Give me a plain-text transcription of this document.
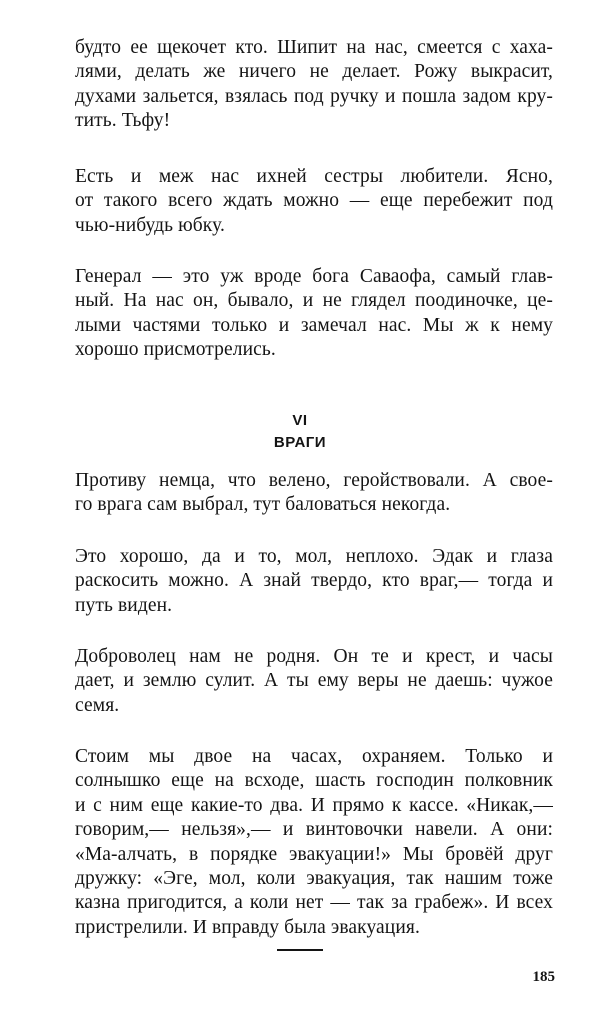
будто ее щекочет кто. Шипит на нас, смеется с хаха-
лями, делать же ничего не делает. Рожу выкрасит,
духами зальется, взялась под ручку и пошла задом кру-
тить. Тьфу!
Есть и меж нас ихней сестры любители. Ясно,
от такого всего ждать можно — еще перебежит под
чью-нибудь юбку.
Генерал — это уж вроде бога Саваофа, самый глав-
ный. На нас он, бывало, и не глядел поодиночке, це-
лыми частями только и замечал нас. Мы ж к нему
хорошо присмотрелись.
VI
ВРАГИ
Противу немца, что велено, геройствовали. А свое-
го врага сам выбрал, тут баловаться некогда.
Это хорошо, да и то, мол, неплохо. Эдак и глаза
раскосить можно. А знай твердо, кто враг,— тогда и
путь виден.
Доброволец нам не родня. Он те и крест, и часы
дает, и землю сулит. А ты ему веры не даешь: чужое
семя.
Стоим мы двое на часах, охраняем. Только и
солнышко еще на всходе, шасть господин полковник
и с ним еще какие-то два. И прямо к кассе. «Никак,—
говорим,— нельзя»,— и винтовочки навели. А они:
«Ма-алчать, в порядке эвакуации!» Мы бровёй друг
дружку: «Эге, мол, коли эвакуация, так нашим тоже
казна пригодится, а коли нет — так за грабеж». И всех
пристрелили. И вправду была эвакуация.
185
